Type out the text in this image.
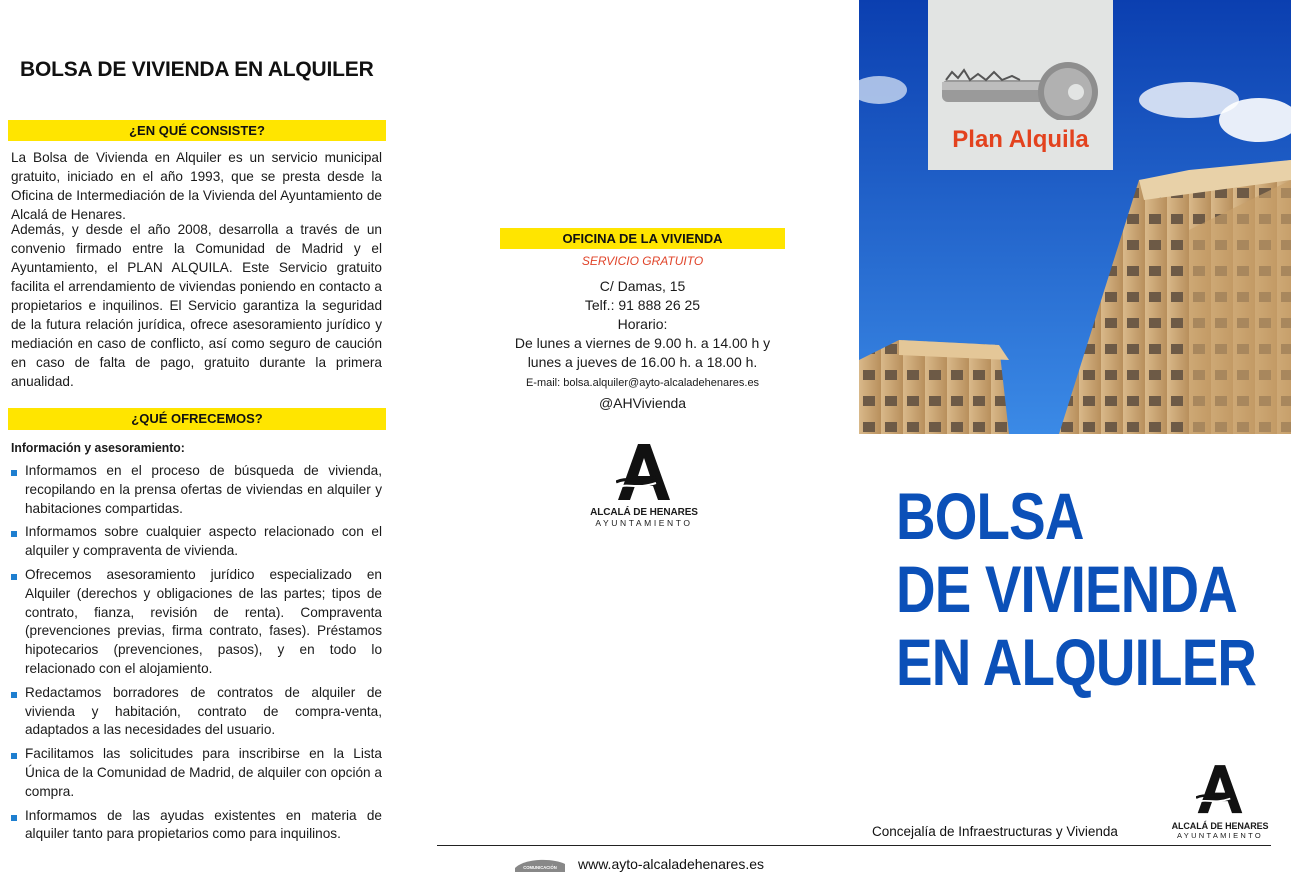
BOLSA DE VIVIENDA EN ALQUILER
¿EN QUÉ CONSISTE?
La Bolsa de Vivienda en Alquiler es un servicio municipal gratuito, iniciado en el año 1993, que se presta desde la Oficina de Intermediación de la Vivienda del Ayuntamiento de Alcalá de Henares.
Además, y desde el año 2008, desarrolla a través de un convenio firmado entre la Comunidad de Madrid y el Ayuntamiento, el PLAN ALQUILA. Este Servicio gratuito facilita el arrendamiento de viviendas poniendo en contacto a propietarios e inquilinos. El Servicio garantiza la seguridad de la futura relación jurídica, ofrece asesoramiento jurídico y mediación en caso de conflicto, así como seguro de caución en caso de falta de pago, gratuito durante la primera anualidad.
¿QUÉ OFRECEMOS?
Información y asesoramiento:
Informamos en el proceso de búsqueda de vivienda, recopilando en la prensa ofertas de viviendas en alquiler y habitaciones compartidas.
Informamos sobre cualquier aspecto relacionado con el alquiler y compraventa de vivienda.
Ofrecemos asesoramiento jurídico especializado en Alquiler (derechos y obligaciones de las partes; tipos de contrato, fianza, revisión de renta). Compraventa (prevenciones previas, firma contrato, fases). Préstamos hipotecarios (prevenciones, pasos), y en todo lo relacionado con el alojamiento.
Redactamos borradores de contratos de alquiler de vivienda y habitación, contrato de compra-venta, adaptados a las necesidades del usuario.
Facilitamos las solicitudes para inscribirse en la Lista Única de la Comunidad de Madrid, de alquiler con opción a compra.
Informamos de las ayudas existentes en materia de alquiler tanto para propietarios como para inquilinos.
OFICINA DE LA VIVIENDA
SERVICIO GRATUITO
C/ Damas, 15
Telf.: 91 888 26 25
Horario:
De lunes a viernes de 9.00 h. a 14.00 h y
lunes a jueves de 16.00 h. a 18.00 h.
E-mail: bolsa.alquiler@ayto-alcaladehenares.es
@AHVivienda
ALCALÁ DE HENARES
AYUNTAMIENTO
Plan Alquila
BOLSA
DE VIVIENDA
EN ALQUILER
Concejalía de Infraestructuras y Vivienda	ALCALÁ DE HENARES
AYUNTAMIENTO
COMUNICACIÓN www.ayto-alcaladehenares.es
